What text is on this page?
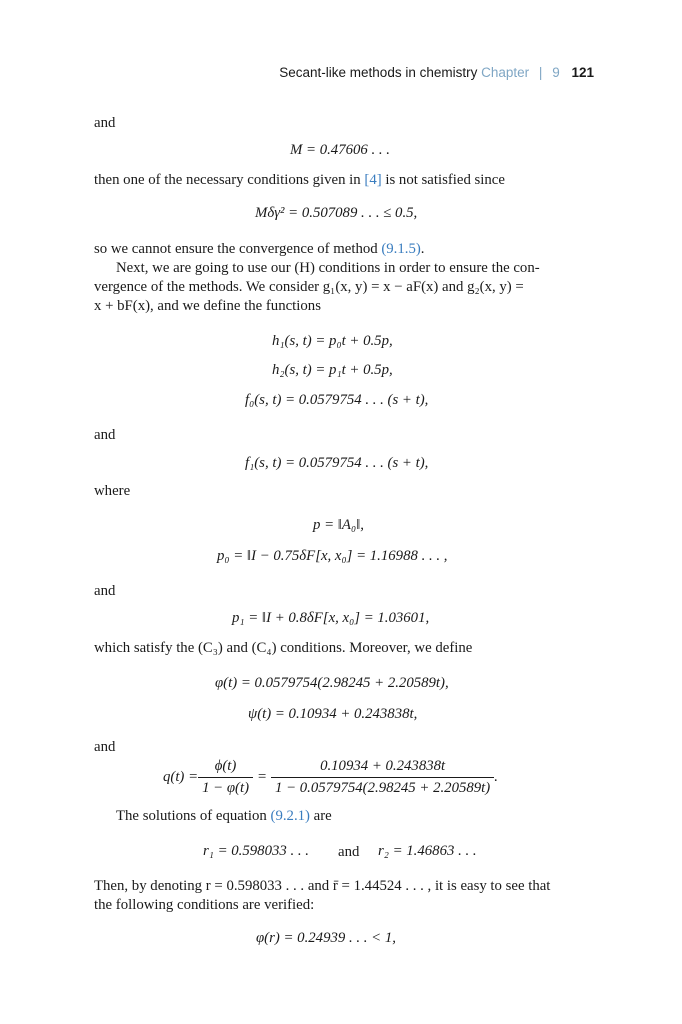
Secant-like methods in chemistry Chapter | 9 121
and
M = 0.47606 . . .
then one of the necessary conditions given in [4] is not satisfied since
Mδγ² = 0.507089 . . . ≤ 0.5,
so we cannot ensure the convergence of method (9.1.5).
Next, we are going to use our (H) conditions in order to ensure the con-
vergence of the methods. We consider g₁(x, y) = x − aF(x) and g₂(x, y) =
x + bF(x), and we define the functions
h₁(s, t) = p₀t + 0.5p,
h₂(s, t) = p₁t + 0.5p,
f₀(s, t) = 0.0579754 . . . (s + t),
and
f₁(s, t) = 0.0579754 . . . (s + t),
where
p = ‖A₀‖,
p₀ = ‖I − 0.75δF[x, x₀] = 1.16988 . . . ,
and
p₁ = ‖I + 0.8δF[x, x₀] = 1.03601,
which satisfy the (C₃) and (C₄) conditions. Moreover, we define
φ(t) = 0.0579754(2.98245 + 2.20589t),
ψ(t) = 0.10934 + 0.243838t,
and
$q(t) = \frac{\phi(t)}{1 - \varphi(t)} = \frac{0.10934 + 0.243838t}{1 - 0.0579754(2.98245 + 2.20589t)}$ .
The solutions of equation (9.2.1) are
r₁ = 0.598033 . . . and r₂ = 1.46863 . . .
Then, by denoting r = 0.598033 . . . and r̄ = 1.44524 . . . , it is easy to see that
the following conditions are verified:
φ(r) = 0.24939 . . . < 1,
